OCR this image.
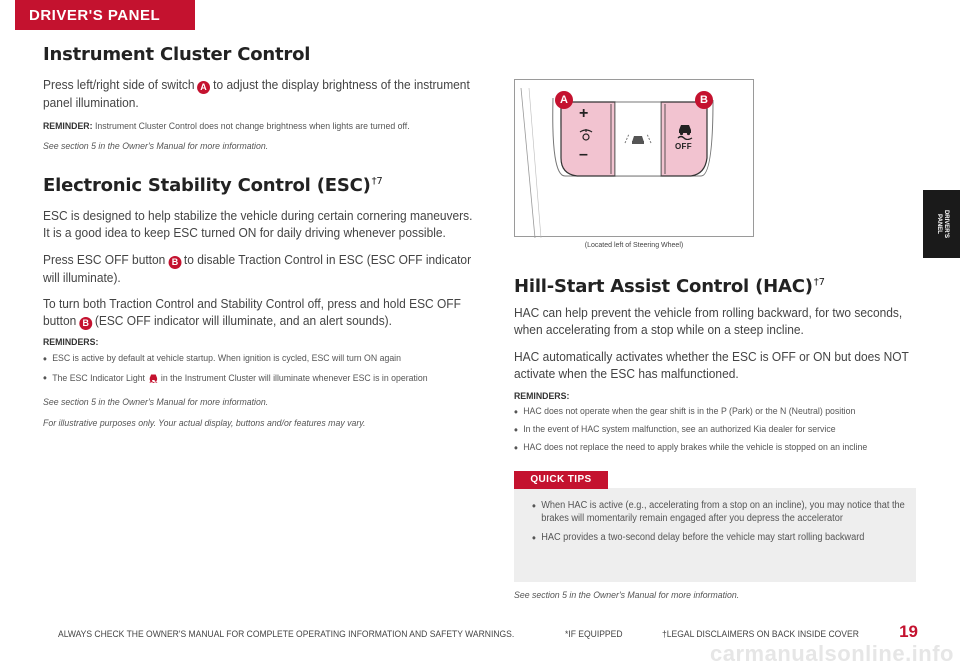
DRIVER'S PANEL
DRIVER'S
PANEL
Instrument Cluster Control
Press left/right side of switch A to adjust the display brightness of the instrument panel illumination.
REMINDER: Instrument Cluster Control does not change brightness when lights are turned off.
See section 5 in the Owner's Manual for more information.
Electronic Stability Control (ESC)$^{\dagger 7}$
ESC is designed to help stabilize the vehicle during certain cornering maneuvers. It is a good idea to keep ESC turned ON for daily driving whenever possible.
Press ESC OFF button B to disable Traction Control in ESC (ESC OFF indicator will illuminate).
To turn both Traction Control and Stability Control off, press and hold ESC OFF button B (ESC OFF indicator will illuminate, and an alert sounds).
REMINDERS:
• ESC is active by default at vehicle startup. When ignition is cycled, ESC will turn ON again
• The ESC Indicator Light  in the Instrument Cluster will illuminate whenever ESC is in operation
See section 5 in the Owner's Manual for more information.
For illustrative purposes only. Your actual display, buttons and/or features may vary.
+
–	OFF
A	B
(Located left of Steering Wheel)
Hill-Start Assist Control (HAC)$^{\dagger 7}$
HAC can help prevent the vehicle from rolling backward, for two seconds, when accelerating from a stop while on a steep incline.
HAC automatically activates whether the ESC is OFF or ON but does NOT activate when the ESC has malfunctioned.
REMINDERS:
• HAC does not operate when the gear shift is in the P (Park) or the N (Neutral) position
• In the event of HAC system malfunction, see an authorized Kia dealer for service
• HAC does not replace the need to apply brakes while the vehicle is stopped on an incline
• When HAC is active (e.g., accelerating from a stop on an incline), you may notice that the brakes will momentarily remain engaged after you depress the accelerator
• HAC provides a two-second delay before the vehicle may start rolling backward
QUICK TIPS
See section 5 in the Owner's Manual for more information.
ALWAYS CHECK THE OWNER'S MANUAL FOR COMPLETE OPERATING INFORMATION AND SAFETY WARNINGS.	*IF EQUIPPED	†LEGAL DISCLAIMERS ON BACK INSIDE COVER 19
carmanualsonline.info
